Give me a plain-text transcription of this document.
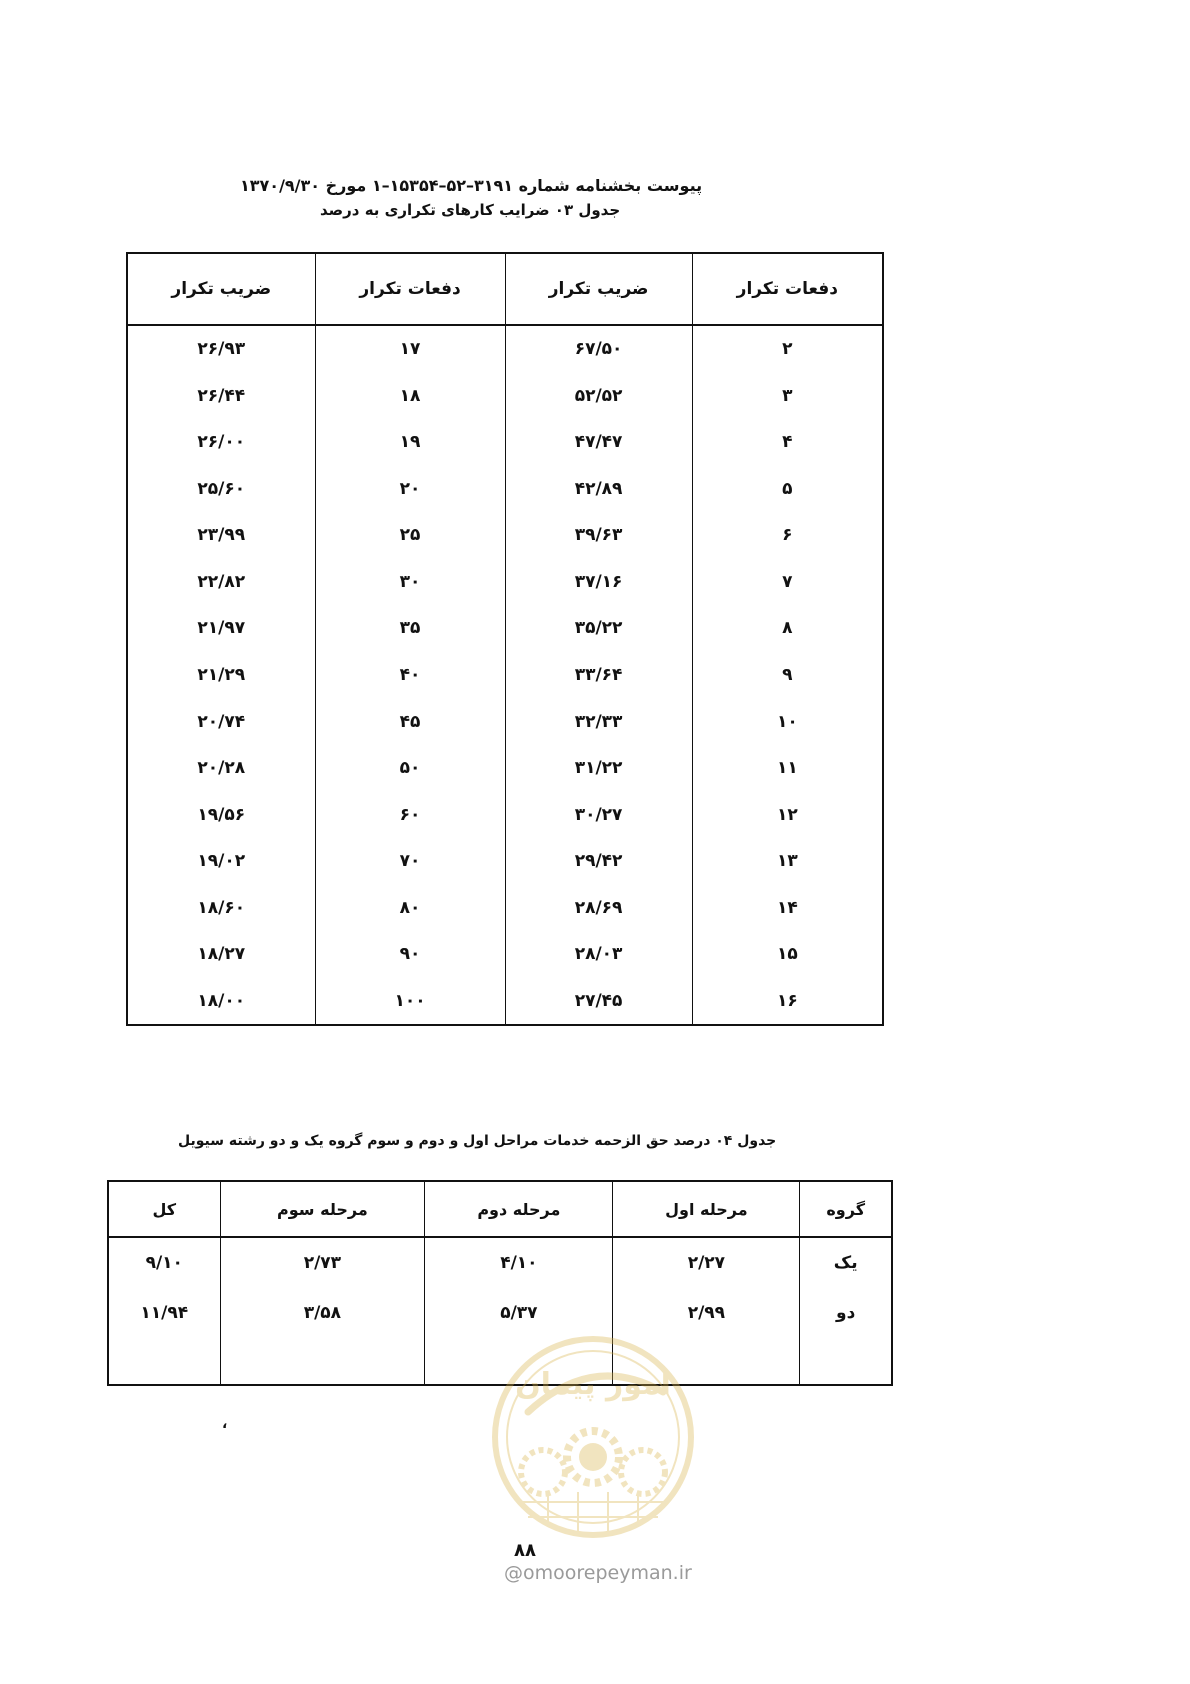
پیوست بخشنامه شماره ۳۱۹۱–۵۲–۱۵۳۵۴–۱ مورخ ۱۳۷۰/۹/۳۰
جدول ۰۳ ضرایب کارهای تکراری به درصد
دفعات تکرار	ضریب تکرار	دفعات تکرار	ضریب تکرار
۲	۶۷/۵۰	۱۷	۲۶/۹۳
۳	۵۲/۵۲	۱۸	۲۶/۴۴
۴	۴۷/۴۷	۱۹	۲۶/۰۰
۵	۴۲/۸۹	۲۰	۲۵/۶۰
۶	۳۹/۶۳	۲۵	۲۳/۹۹
۷	۳۷/۱۶	۳۰	۲۲/۸۲
۸	۳۵/۲۲	۳۵	۲۱/۹۷
۹	۳۳/۶۴	۴۰	۲۱/۲۹
۱۰	۳۲/۳۳	۴۵	۲۰/۷۴
۱۱	۳۱/۲۲	۵۰	۲۰/۲۸
۱۲	۳۰/۲۷	۶۰	۱۹/۵۶
۱۳	۲۹/۴۲	۷۰	۱۹/۰۲
۱۴	۲۸/۶۹	۸۰	۱۸/۶۰
۱۵	۲۸/۰۳	۹۰	۱۸/۲۷
۱۶	۲۷/۴۵	۱۰۰	۱۸/۰۰
جدول ۰۴ درصد حق الزحمه خدمات مراحل اول و دوم و سوم گروه یک و دو رشته سیویل
گروه	مرحله اول	مرحله دوم	مرحله سوم	کل
یک	۲/۲۷	۴/۱۰	۲/۷۳	۹/۱۰
دو	۲/۹۹	۵/۳۷	۳/۵۸	۱۱/۹۴

،
امور پیمان
۸۸
@omoorepeyman.ir
